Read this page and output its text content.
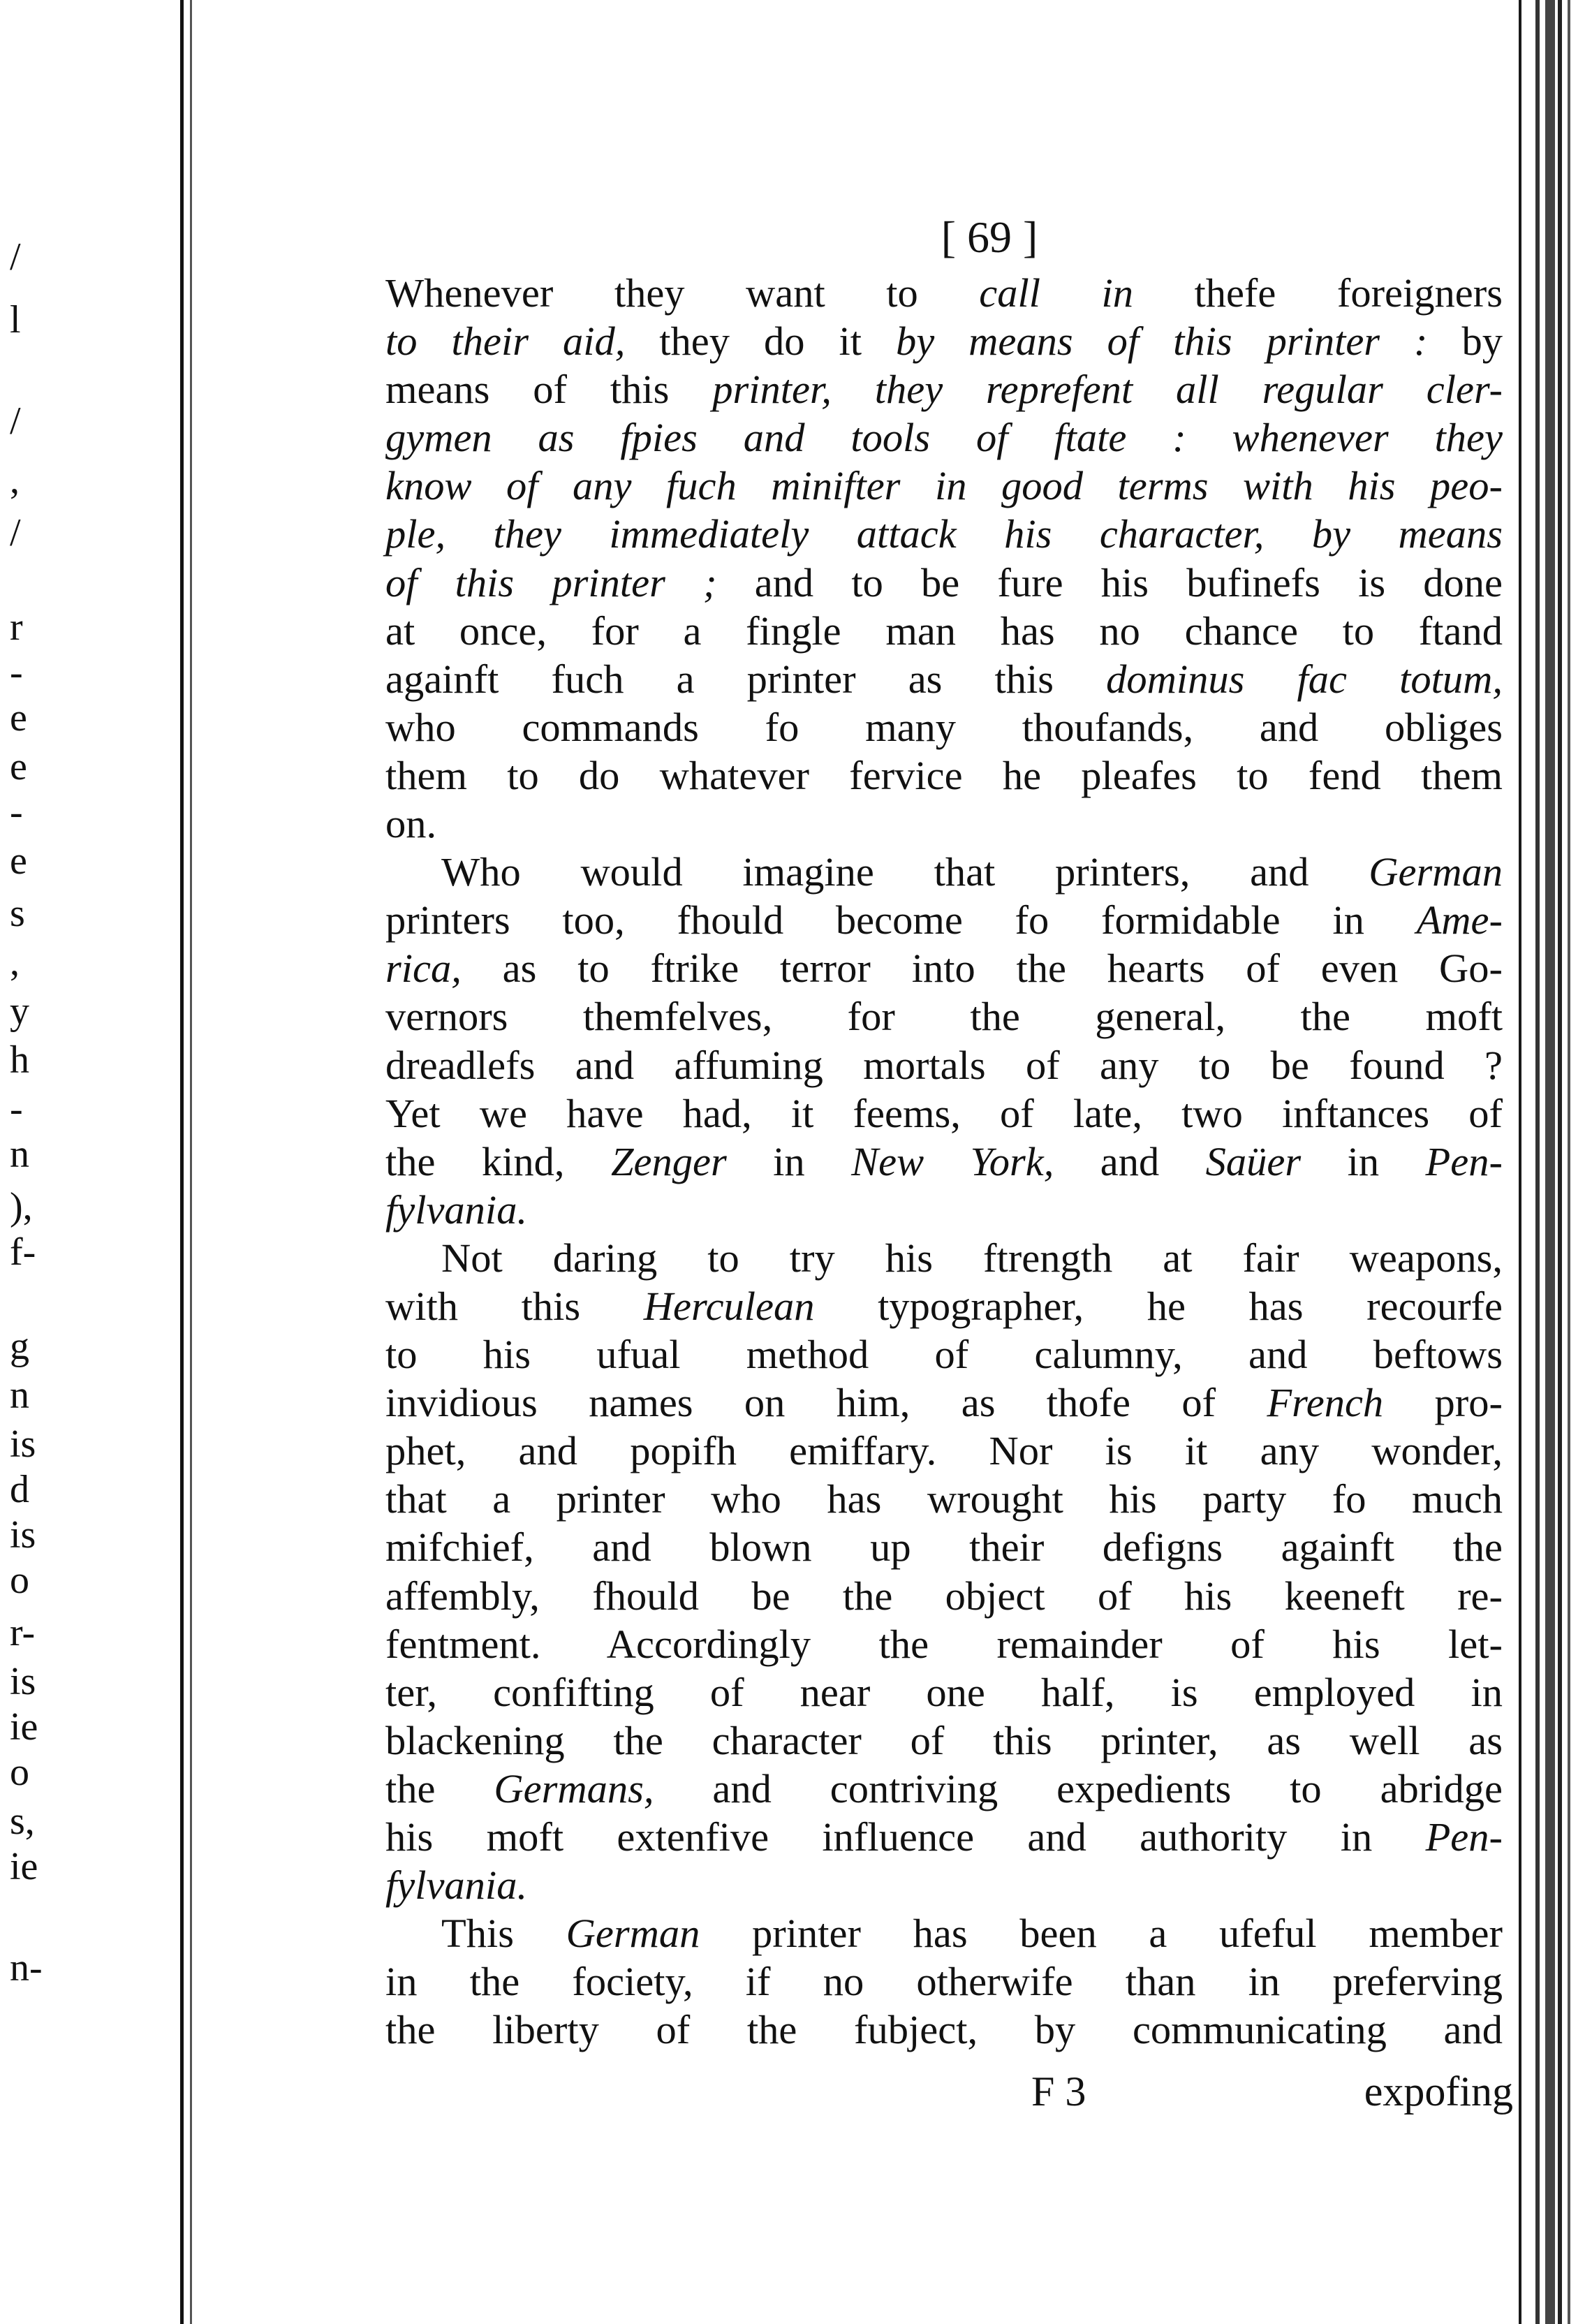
/
l
/
,
/
r
-
e
e
-
e
s
,
y
h
-
n
),
f-
g
n
is
d
is
o
r-
is
ie
o
s,
ie
n-
[ 69 ]
Whenever they want to call in thefe foreigners
to their aid, they do it by means of this printer : by
means of this printer, they reprefent all regular cler-
gymen as fpies and tools of ftate : whenever they
know of any fuch minifter in good terms with his peo-
ple, they immediately attack his character, by means
of this printer ; and to be fure his bufinefs is done
at once, for a fingle man has no chance to ftand
againft fuch a printer as this dominus fac totum,
who commands fo many thoufands, and obliges
them to do whatever fervice he pleafes to fend them
on.
Who would imagine that printers, and German
printers too, fhould become fo formidable in Ame-
rica, as to ftrike terror into the hearts of even Go-
vernors themfelves, for the general, the moft
dreadlefs and affuming mortals of any to be found ?
Yet we have had, it feems, of late, two inftances of
the kind, Zenger in New York, and Saüer in Pen-
fylvania.
Not daring to try his ftrength at fair weapons,
with this Herculean typographer, he has recourfe
to his ufual method of calumny, and beftows
invidious names on him, as thofe of French pro-
phet, and popifh emiffary. Nor is it any wonder,
that a printer who has wrought his party fo much
mifchief, and blown up their defigns againft the
affembly, fhould be the object of his keeneft re-
fentment. Accordingly the remainder of his let-
ter, confifting of near one half, is employed in
blackening the character of this printer, as well as
the Germans, and contriving expedients to abridge
his moft extenfive influence and authority in Pen-
fylvania.
This German printer has been a ufeful member
in the fociety, if no otherwife than in preferving
the liberty of the fubject, by communicating and
F 3	expofing
